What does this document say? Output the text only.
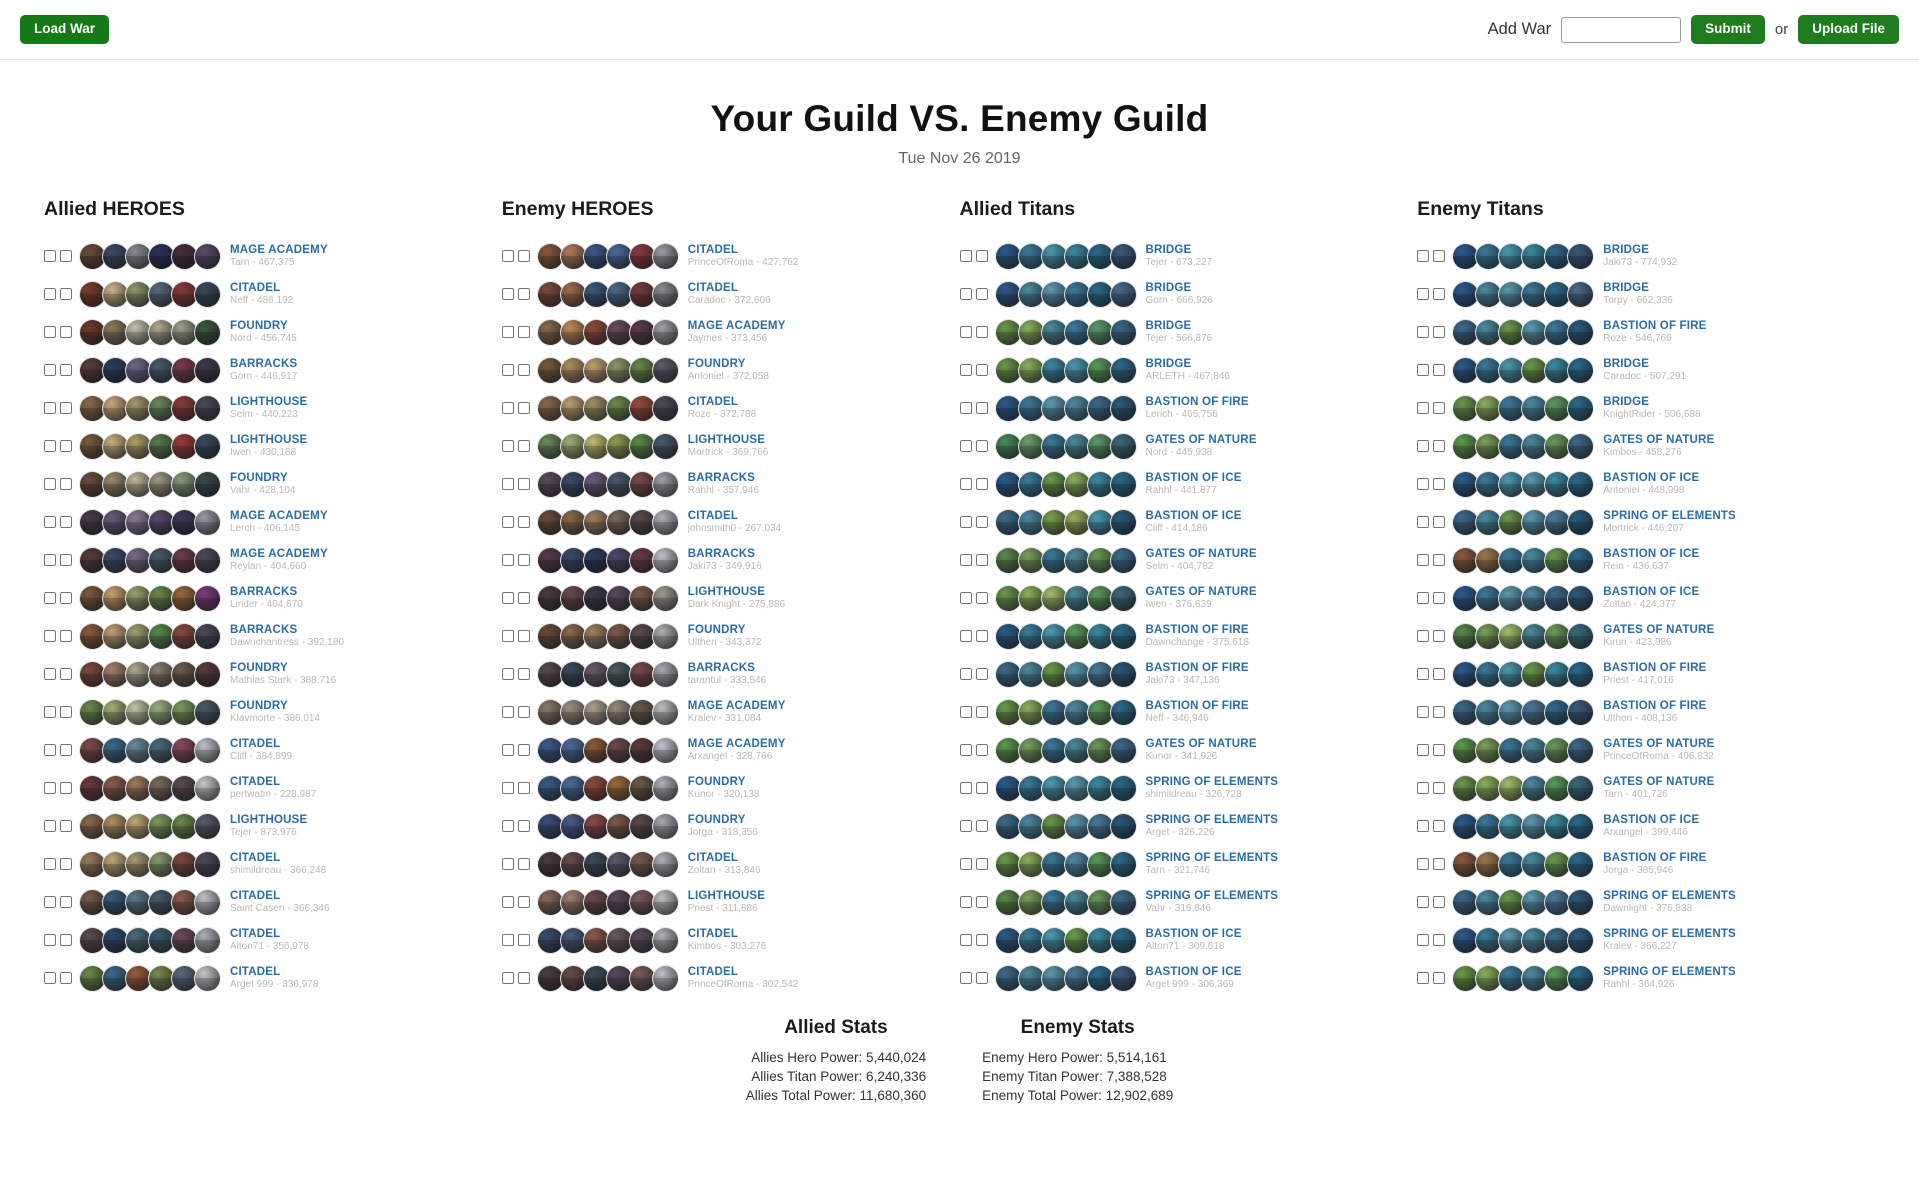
Load War	Add War	Submit	or	Upload File
Your Guild VS. Enemy Guild
Tue Nov 26 2019
Allied HEROES
MAGE ACADEMY
Tarn - 467,375
CITADEL
Neff - 486,192
FOUNDRY
Nord - 456,745
BARRACKS
Gorn - 446,917
LIGHTHOUSE
Selm - 440,223
LIGHTHOUSE
Iwen - 430,188
FOUNDRY
Vahr - 428,104
MAGE ACADEMY
Lerch - 406,145
MAGE ACADEMY
Reylan - 404,660
BARRACKS
Linder - 404,670
BARRACKS
Dawnchantress - 392,180
FOUNDRY
Mathias Stark - 388,716
FOUNDRY
Klavmorte - 386,014
CITADEL
Cliff - 384,899
CITADEL
pertwatm - 228,987
LIGHTHOUSE
Tejer - 873,976
CITADEL
shimildreau - 366,248
CITADEL
Saint Casen - 366,346
CITADEL
Alton71 - 356,978
CITADEL
Arget 999 - 336,978
Enemy HEROES
CITADEL
PrinceOfRoma - 427,762
CITADEL
Caradoc - 372,606
MAGE ACADEMY
Jaymes - 373,456
FOUNDRY
Antoniel - 372,058
CITADEL
Roze - 372,788
LIGHTHOUSE
Mortrick - 369,766
BARRACKS
Rahhl - 357,946
CITADEL
johnsmith0 - 267,034
BARRACKS
Jaki73 - 349,916
LIGHTHOUSE
Dark Knight - 275,886
FOUNDRY
Ultheri - 343,372
BARRACKS
tarantul - 333,546
MAGE ACADEMY
Kralev - 331,084
MAGE ACADEMY
Arxangel - 328,766
FOUNDRY
Kunor - 320,138
FOUNDRY
Jorga - 318,356
CITADEL
Zoltan - 313,846
LIGHTHOUSE
Priest - 311,886
CITADEL
Kimbos - 303,276
CITADEL
PrinceOfRoma - 302,542
Allied Titans
BRIDGE
Tejer - 673,227
BRIDGE
Gorn - 666,926
BRIDGE
Tejer - 566,876
BRIDGE
ARLETH - 467,846
BASTION OF FIRE
Lerich - 465,756
GATES OF NATURE
Nord - 445,938
BASTION OF ICE
Rahhl - 441,877
BASTION OF ICE
Cliff - 414,186
GATES OF NATURE
Selm - 404,782
GATES OF NATURE
Iwen - 376,639
BASTION OF FIRE
Dawnchange - 375,618
BASTION OF FIRE
Jaki73 - 347,136
BASTION OF FIRE
Neff - 346,946
GATES OF NATURE
Kunor - 341,926
SPRING OF ELEMENTS
shimildreau - 326,728
SPRING OF ELEMENTS
Arget - 326,226
SPRING OF ELEMENTS
Tarn - 321,746
SPRING OF ELEMENTS
Vahr - 316,846
BASTION OF ICE
Alton71 - 309,618
BASTION OF ICE
Arget 999 - 306,369
Enemy Titans
BRIDGE
Jaki73 - 774,932
BRIDGE
Torpy - 662,336
BASTION OF FIRE
Roze - 546,766
BRIDGE
Caradoc - 507,291
BRIDGE
KnightRider - 506,688
GATES OF NATURE
Kimbos - 458,276
BASTION OF ICE
Antoniel - 448,998
SPRING OF ELEMENTS
Mortrick - 446,207
BASTION OF ICE
Rein - 436,637
BASTION OF ICE
Zoltan - 424,377
GATES OF NATURE
Kirun - 423,986
BASTION OF FIRE
Priest - 417,016
BASTION OF FIRE
Ultheri - 408,136
GATES OF NATURE
PrinceOfRoma - 406,832
GATES OF NATURE
Tarn - 401,726
BASTION OF ICE
Arxangel - 399,446
BASTION OF FIRE
Jorga - 385,946
SPRING OF ELEMENTS
Dawnlight - 376,838
SPRING OF ELEMENTS
Kralev - 366,227
SPRING OF ELEMENTS
Rahhl - 364,926
Allied Stats
Allies Hero Power: 5,440,024
Allies Titan Power: 6,240,336
Allies Total Power: 11,680,360
Enemy Stats
Enemy Hero Power: 5,514,161
Enemy Titan Power: 7,388,528
Enemy Total Power: 12,902,689
